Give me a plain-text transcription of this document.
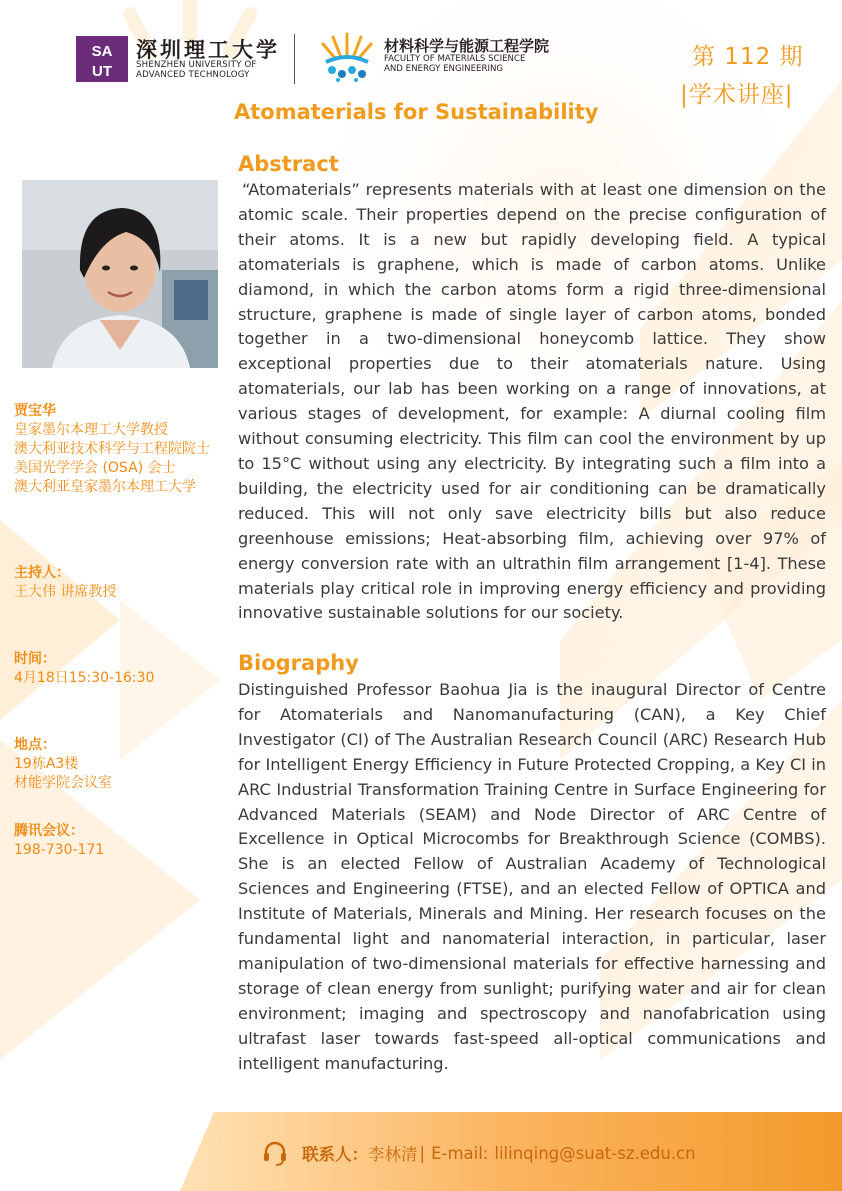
SA
UT
深圳理工大学
SHENZHEN UNIVERSITY OF
ADVANCED TECHNOLOGY
材料科学与能源工程学院
FACULTY OF MATERIALS SCIENCE
AND ENERGY ENGINEERING	第 112 期
|学术讲座|
Atomaterials for Sustainability
贾宝华
皇家墨尔本理工大学教授
澳大利亚技术科学与工程院院士
美国光学学会 (OSA) 会士
澳大利亚皇家墨尔本理工大学
主持人：
王大伟 讲席教授
时间：
4月18日15:30-16:30
地点：
19栋A3楼
材能学院会议室
腾讯会议：
198-730-171
Abstract

“Atomaterials” represents materials with at least one dimension on the atomic scale. Their properties depend on the precise configuration of their atoms. It is a new but rapidly developing field. A typical atomaterials is graphene, which is made of carbon atoms. Unlike diamond, in which the carbon atoms form a rigid three-dimensional structure, graphene is made of single layer of carbon atoms, bonded together in a two-dimensional honeycomb lattice. They show exceptional properties due to their atomaterials nature. Using atomaterials, our lab has been working on a range of innovations, at various stages of development, for example: A diurnal cooling film without consuming electricity. This film can cool the environment by up to 15°C without using any electricity. By integrating such a film into a building, the electricity used for air conditioning can be dramatically reduced. This will not only save electricity bills but also reduce greenhouse emissions; Heat-absorbing film, achieving over 97% of energy conversion rate with an ultrathin film arrangement [1-4]. These materials play critical role in improving energy efficiency and providing innovative sustainable solutions for our society.

Biography

Distinguished Professor Baohua Jia is the inaugural Director of Centre for Atomaterials and Nanomanufacturing (CAN), a Key Chief Investigator (CI) of The Australian Research Council (ARC) Research Hub for Intelligent Energy Efficiency in Future Protected Cropping, a Key CI in ARC Industrial Transformation Training Centre in Surface Engineering for Advanced Materials (SEAM) and Node Director of ARC Centre of Excellence in Optical Microcombs for Breakthrough Science (COMBS). She is an elected Fellow of Australian Academy of Technological Sciences and Engineering (FTSE), and an elected Fellow of OPTICA and Institute of Materials, Minerals and Mining. Her research focuses on the fundamental light and nanomaterial interaction, in particular, laser manipulation of two-dimensional materials for effective harnessing and storage of clean energy from sunlight; purifying water and air for clean environment; imaging and spectroscopy and nanofabrication using ultrafast laser towards fast-speed all-optical communications and intelligent manufacturing.

联系人： 李林清 | E-mail: lilinqing@suat-sz.edu.cn
